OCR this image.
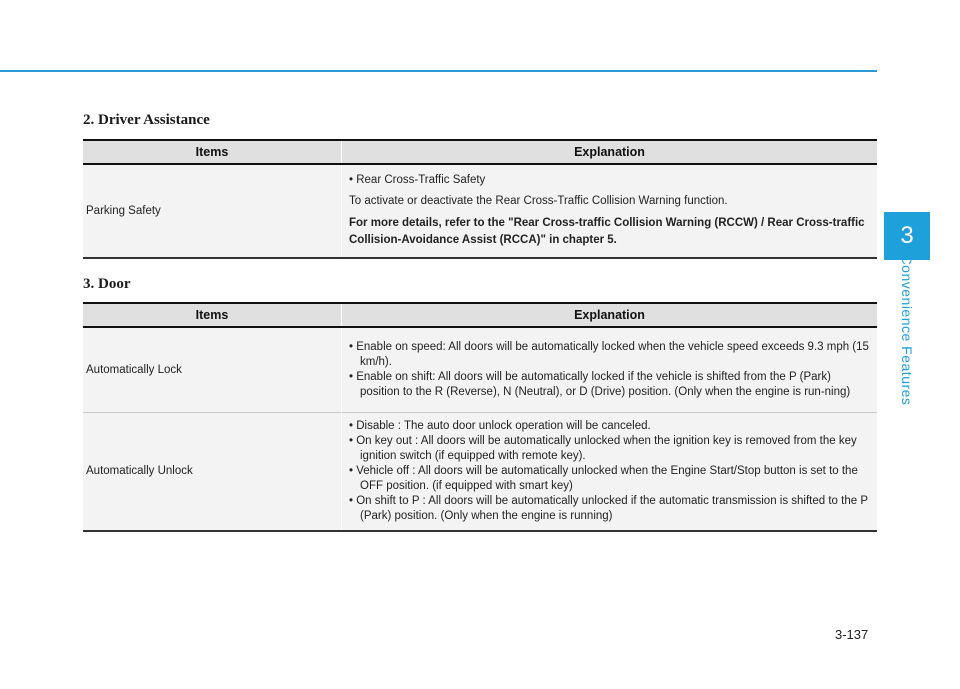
2. Driver Assistance
Items	Explanation
Parking Safety	• Rear Cross-Traffic Safety

To activate or deactivate the Rear Cross-Traffic Collision Warning function.

For more details, refer to the "Rear Cross-traffic Collision Warning (RCCW) / Rear Cross-traffic Collision-Avoidance Assist (RCCA)" in chapter 5.

3. Door
Items	Explanation
Automatically Lock	• Enable on speed: All doors will be automatically locked when the vehicle speed exceeds 9.3 mph (15 km/h).

• Enable on shift: All doors will be automatically locked if the vehicle is shifted from the P (Park) position to the R (Reverse), N (Neutral), or D (Drive) position. (Only when the engine is run-ning)

Automatically Unlock	• Disable : The auto door unlock operation will be canceled.

• On key out : All doors will be automatically unlocked when the ignition key is removed from the key ignition switch (if equipped with remote key).

• Vehicle off : All doors will be automatically unlocked when the Engine Start/Stop button is set to the OFF position. (if equipped with smart key)

• On shift to P : All doors will be automatically unlocked if the automatic transmission is shifted to the P (Park) position. (Only when the engine is running)

3
Convenience Features
3-137
